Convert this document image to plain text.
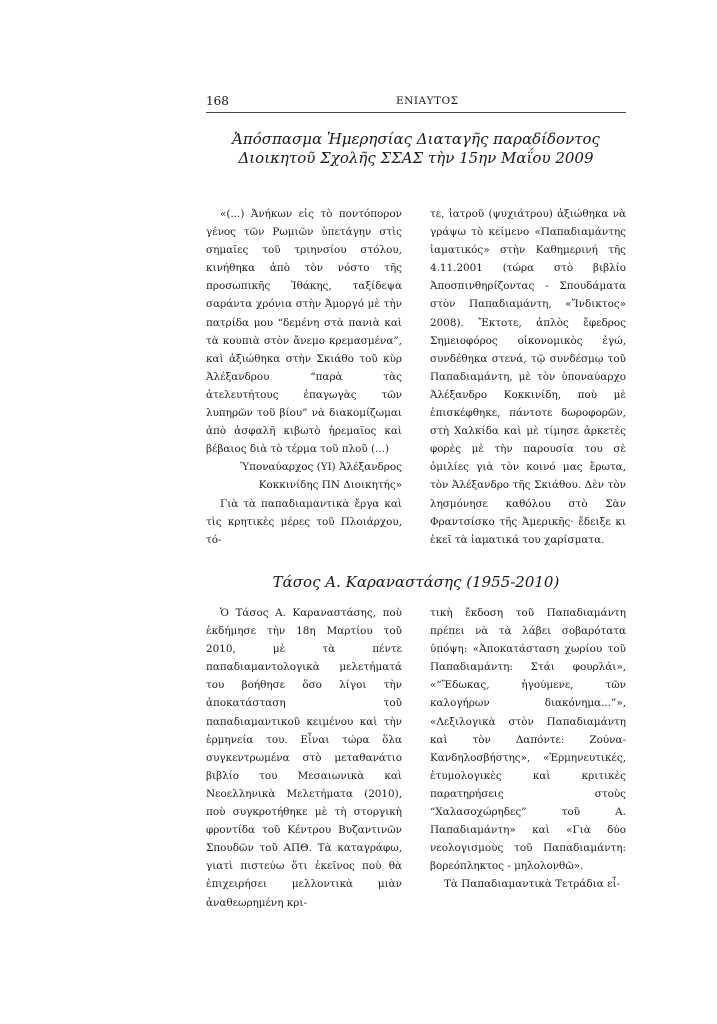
168	ΕΝΙΑΥΤΟΣ
Ἀπόσπασμα Ἡμερησίας Διαταγῆς παραδίδοντος Διοικητοῦ Σχολῆς ΣΣΑΣ τὴν 15ην Μαΐου 2009

«(...) Ἀνήκων εἰς τὸ ποντόπορον γένος τῶν Ρωμιῶν ὑπετάγην στὶς σημαῖες τοῦ τριηνσίου στόλου, κινήθηκα ἀπὸ τὸν νόστο τῆς προσωπικῆς Ἰθάκης, ταξίδεψα σαράντα χρόνια στὴν Ἀμοργό μὲ τὴν πατρίδα μου “δεμένη στὰ πανιὰ καὶ τὰ κουπιὰ στὸν ἄνεμο κρεμασμένα”, καὶ ἀξιώθηκα στὴν Σκιάθο τοῦ κὺρ Ἀλέξανδρου “παρὰ τὰς ἀτελευτήτους ἐπαγωγὰς τῶν λυπηρῶν τοῦ βίου” νὰ διακομίζωμαι ἀπὸ ἀσφαλῆ κιβωτὸ ἠρεμαῖος καὶ βέβαιος διὰ τὸ τέρμα τοῦ πλοῦ (...)

Ὑποναύαρχος (ΥΙ) Ἀλέξανδρος
Κοκκινίδης ΠΝ Διοικητής»

Γιὰ τὰ παπαδιαμαντικὰ ἔργα καὶ τὶς κρητικὲς μέρες τοῦ Πλοιάρχου, τό-

τε, ἰατροῦ (ψυχιάτρου) ἀξιώθηκα νὰ γράψω τὸ κείμενο «Παπαδιαμάντης ἰαματικός» στὴν Καθημερινή τῆς 4.11.2001 (τώρα στὸ βιβλίο Ἀποσπινθηρίζοντας - Σπουδάματα στὸν Παπαδιαμάντη, «Ἴνδικτος» 2008). Ἔκτοτε, ἁπλὸς ἔφεδρος Σημειοφόρος οἰκονομικὸς ἐγώ, συνδέθηκα στενά, τῷ συνδέσμῳ τοῦ Παπαδιαμάντη, μὲ τὸν ὑποναύαρχο Ἀλέξανδρο Κοκκινίδη, ποὺ μὲ ἐπισκέφθηκε, πάντοτε δωροφορῶν, στὴ Χαλκίδα καὶ μὲ τίμησε ἀρκετὲς φορὲς μὲ τὴν παρουσία του σὲ ὁμιλίες γιὰ τὸν κοινό μας ἔρωτα, τὸν Ἀλέξανδρο τῆς Σκιάθου. Δὲν τὸν λησμόνησε καθόλου στὸ Σὰν Φραντσίσκο τῆς Ἀμερικῆς· ἔδειξε κι ἐκεῖ τὰ ἰαματικά του χαρίσματα.

Τάσος Α. Καραναστάσης (1955-2010)

Ὁ Τάσος Α. Καραναστάσης, ποὺ ἐκδήμησε τὴν 18η Μαρτίου τοῦ 2010, μὲ τὰ πέντε παπαδιαμαντολογικὰ μελετήματά του βοήθησε ὅσο λίγοι τὴν ἀποκατάσταση τοῦ παπαδιαμαντικοῦ κειμένου καὶ τὴν ἑρμηνεία του. Εἶναι τώρα ὅλα συγκεντρωμένα στὸ μεταθανάτιο βιβλίο του Μεσαιωνικὰ καὶ Νεοελληνικὰ Μελετήματα (2010), ποὺ συγκροτήθηκε μὲ τὴ στοργικὴ φροντίδα τοῦ Κέντρου Βυζαντινῶν Σπουδῶν τοῦ ΑΠΘ. Τὰ καταγράφω, γιατὶ πιστεύω ὅτι ἐκεῖνος ποὺ θὰ ἐπιχειρήσει μελλοντικὰ μιὰν ἀναθεωρημένη κρι-

τικὴ ἔκδοση τοῦ Παπαδιαμάντη πρέπει νὰ τὰ λάβει σοβαρότατα ὑπόψη: «Ἀποκατάσταση χωρίου τοῦ Παπαδιαμάντη: Στάι φουρλάι», «“Ἔδωκας, ἡγούμενε, τῶν καλογήρων διακόνημα...”», «Λεξιλογικὰ στὸν Παπαδιαμάντη καὶ τὸν Δαπόντε: Ζούνα-Κανδηλοσβήστης», «Ἑρμηνευτικές, ἐτυμολογικὲς καὶ κριτικὲς παρατηρήσεις στοὺς “Χαλασοχώρηδες” τοῦ Α. Παπαδιαμάντη» καὶ «Γιὰ δύο νεολογισμοὺς τοῦ Παπαδιαμάντη: βορεόπληκτος - μηλολονθῶ».

Τὰ Παπαδιαμαντικὰ Τετράδια εἶ-
